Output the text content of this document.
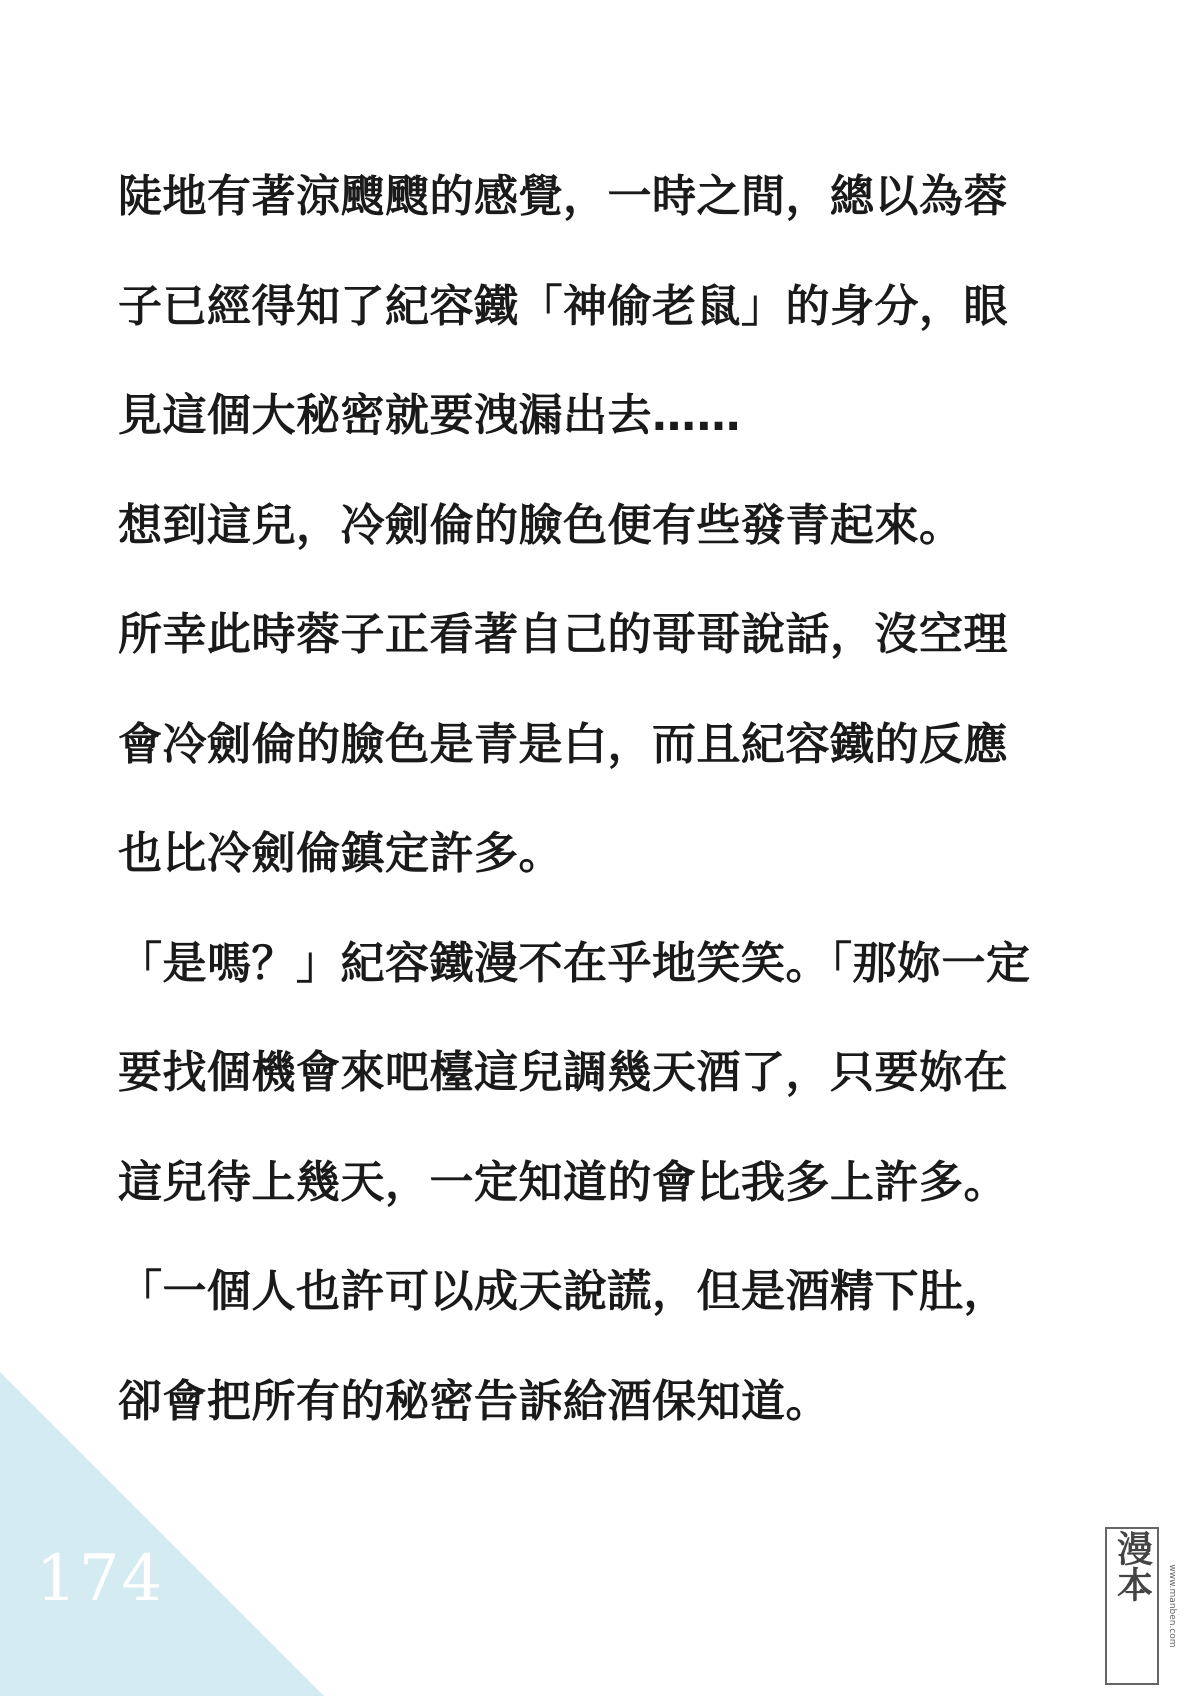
陡地有著涼颼颼的感覺，一時之間，總以為蓉
子已經得知了紀容鐵「神偷老鼠」的身分，眼
見這個大秘密就要洩漏出去……
想到這兒，冷劍倫的臉色便有些發青起來。
所幸此時蓉子正看著自己的哥哥說話，沒空理
會冷劍倫的臉色是青是白，而且紀容鐵的反應
也比冷劍倫鎮定許多。
「是嗎？」紀容鐵漫不在乎地笑笑。「那妳一定
要找個機會來吧檯這兒調幾天酒了，只要妳在
這兒待上幾天，一定知道的會比我多上許多。
「一個人也許可以成天說謊，但是酒精下肚，
卻會把所有的秘密告訴給酒保知道。
174	漫本 www.manben.com
